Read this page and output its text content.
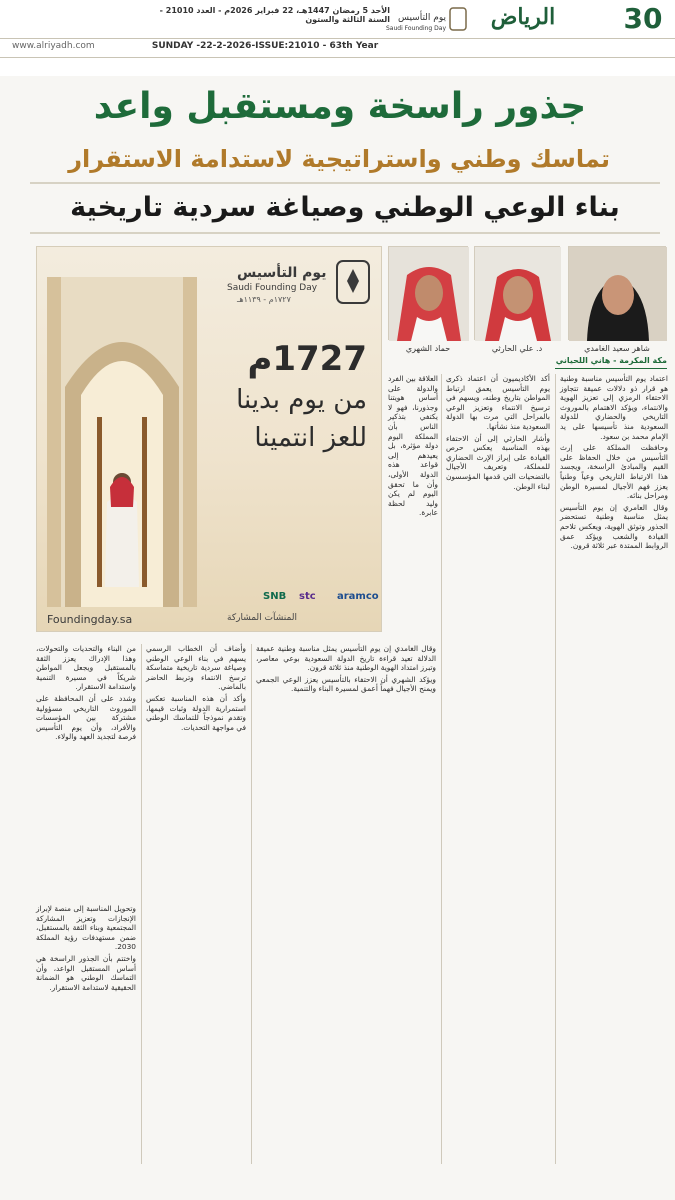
30
الرياض
يوم التأسيس
Saudi Founding Day
الأحد 5 رمضان 1447هـ، 22 فبراير 2026م - العدد 21010 - السنة الثالثة والستون
www.alriyadh.com	SUNDAY -22-2-2026-ISSUE:21010 - 63th Year
جذور راسخة ومستقبل واعد
تماسك وطني واستراتيجية لاستدامة الاستقرار
بناء الوعي الوطني وصياغة سردية تاريخية
يوم التأسيس
Saudi Founding Day
١٧٢٧م - ١١٣٩هـ
1727م
من يوم بدينا
للعز انتمينا
aramco
stc
SNB
Foundingday.sa	المنشآت المشاركة
شاهر سعيد الغامدي
د. علي الحارثي
حماد الشهري
مكة المكرمة - هاني اللحياني

اعتماد يوم التأسيس مناسبة وطنية هو قرار ذو دلالات عميقة تتجاوز الاحتفاء الرمزي إلى تعزيز الهوية والانتماء، ويؤكد الاهتمام بالموروث التاريخي والحضاري للدولة السعودية منذ تأسيسها على يد الإمام محمد بن سعود.

وحافظت المملكة على إرث التأسيس من خلال الحفاظ على القيم والمبادئ الراسخة، ويجسد هذا الارتباط التاريخي وعياً وطنياً يعزز فهم الأجيال لمسيرة الوطن ومراحل بنائه.

وقال العامري إن يوم التأسيس يمثل مناسبة وطنية تستحضر الجذور وتوثق الهوية، ويعكس تلاحم القيادة والشعب ويؤكد عمق الروابط الممتدة عبر ثلاثة قرون.

أكد الأكاديميون أن اعتماد ذكرى يوم التأسيس يعمق ارتباط المواطن بتاريخ وطنه، ويسهم في ترسيخ الانتماء وتعزيز الوعي بالمراحل التي مرت بها الدولة السعودية منذ نشأتها.

وأشار الحارثي إلى أن الاحتفاء بهذه المناسبة يعكس حرص القيادة على إبراز الإرث الحضاري للمملكة، وتعريف الأجيال بالتضحيات التي قدمها المؤسسون لبناء الوطن.

العلاقة بين الفرد والدولة على أساس هويتنا وجذورنا، فهو لا يكتفي بتذكير الناس بأن المملكة اليوم دولة مؤثرة، بل يعيدهم إلى قواعد هذه الدولة الأولى، وأن ما تحقق اليوم لم يكن وليد لحظة عابرة.

وقال الغامدي إن يوم التأسيس يمثل مناسبة وطنية عميقة الدلالة تعيد قراءة تاريخ الدولة السعودية بوعي معاصر، وتبرز امتداد الهوية الوطنية منذ ثلاثة قرون.

ويؤكد الشهري أن الاحتفاء بالتأسيس يعزز الوعي الجمعي ويمنح الأجيال فهماً أعمق لمسيرة البناء والتنمية.

وأضاف أن الخطاب الرسمي يسهم في بناء الوعي الوطني وصياغة سردية تاريخية متماسكة ترسخ الانتماء وتربط الحاضر بالماضي.

وأكد أن هذه المناسبة تعكس استمرارية الدولة وثبات قيمها، وتقدم نموذجاً للتماسك الوطني في مواجهة التحديات.

من البناء والتحديات والتحولات، وهذا الإدراك يعزز الثقة بالمستقبل ويجعل المواطن شريكاً في مسيرة التنمية واستدامة الاستقرار.

وشدد على أن المحافظة على الموروث التاريخي مسؤولية مشتركة بين المؤسسات والأفراد، وأن يوم التأسيس فرصة لتجديد العهد والولاء.

وتحويل المناسبة إلى منصة لإبراز الإنجازات وتعزيز المشاركة المجتمعية وبناء الثقة بالمستقبل، ضمن مستهدفات رؤية المملكة 2030.

واختتم بأن الجذور الراسخة هي أساس المستقبل الواعد، وأن التماسك الوطني هو الضمانة الحقيقية لاستدامة الاستقرار.
